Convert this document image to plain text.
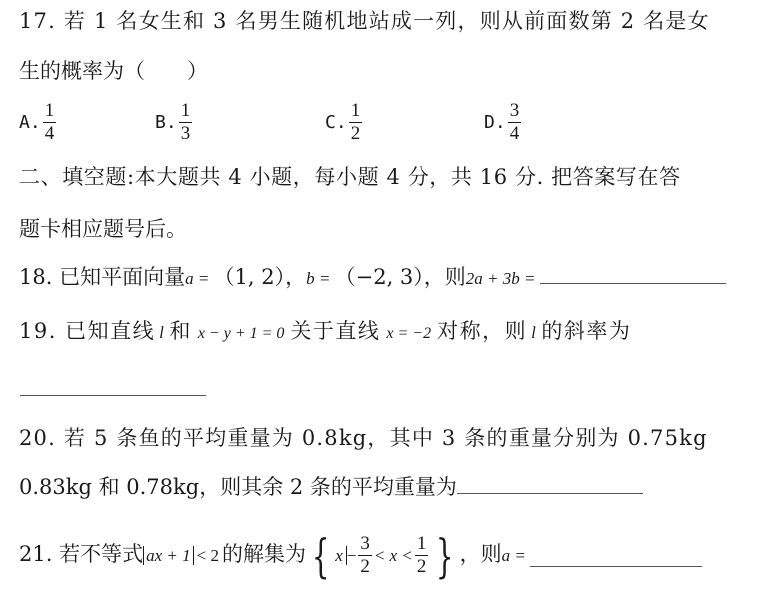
17. 若 1 名女生和 3 名男生随机地站成一列，则从前面数第 2 名是女
生的概率为（　　）
A. $\frac{1}{4}$	B. $\frac{1}{3}$	C. $\frac{1}{2}$	D. $\frac{3}{4}$
二、填空题:本大题共 4 小题，每小题 4 分，共 16 分. 把答案写在答
题卡相应题号后。
18. 已知平面向量a = （1, 2），b = （−2, 3），则2a + 3b =
19. 已知直线 l 和 x − y + 1 = 0 关于直线 x = −2 对称，则 l 的斜率为
20. 若 5 条鱼的平均重量为 0.8kg，其中 3 条的重量分别为 0.75kg
0.83kg 和 0.78kg，则其余 2 条的平均重量为
21. 若不等式 ax + 1 < 2 的解集为 { $x - \frac{3}{2} < x < \frac{1}{2}$ } ，则a =
